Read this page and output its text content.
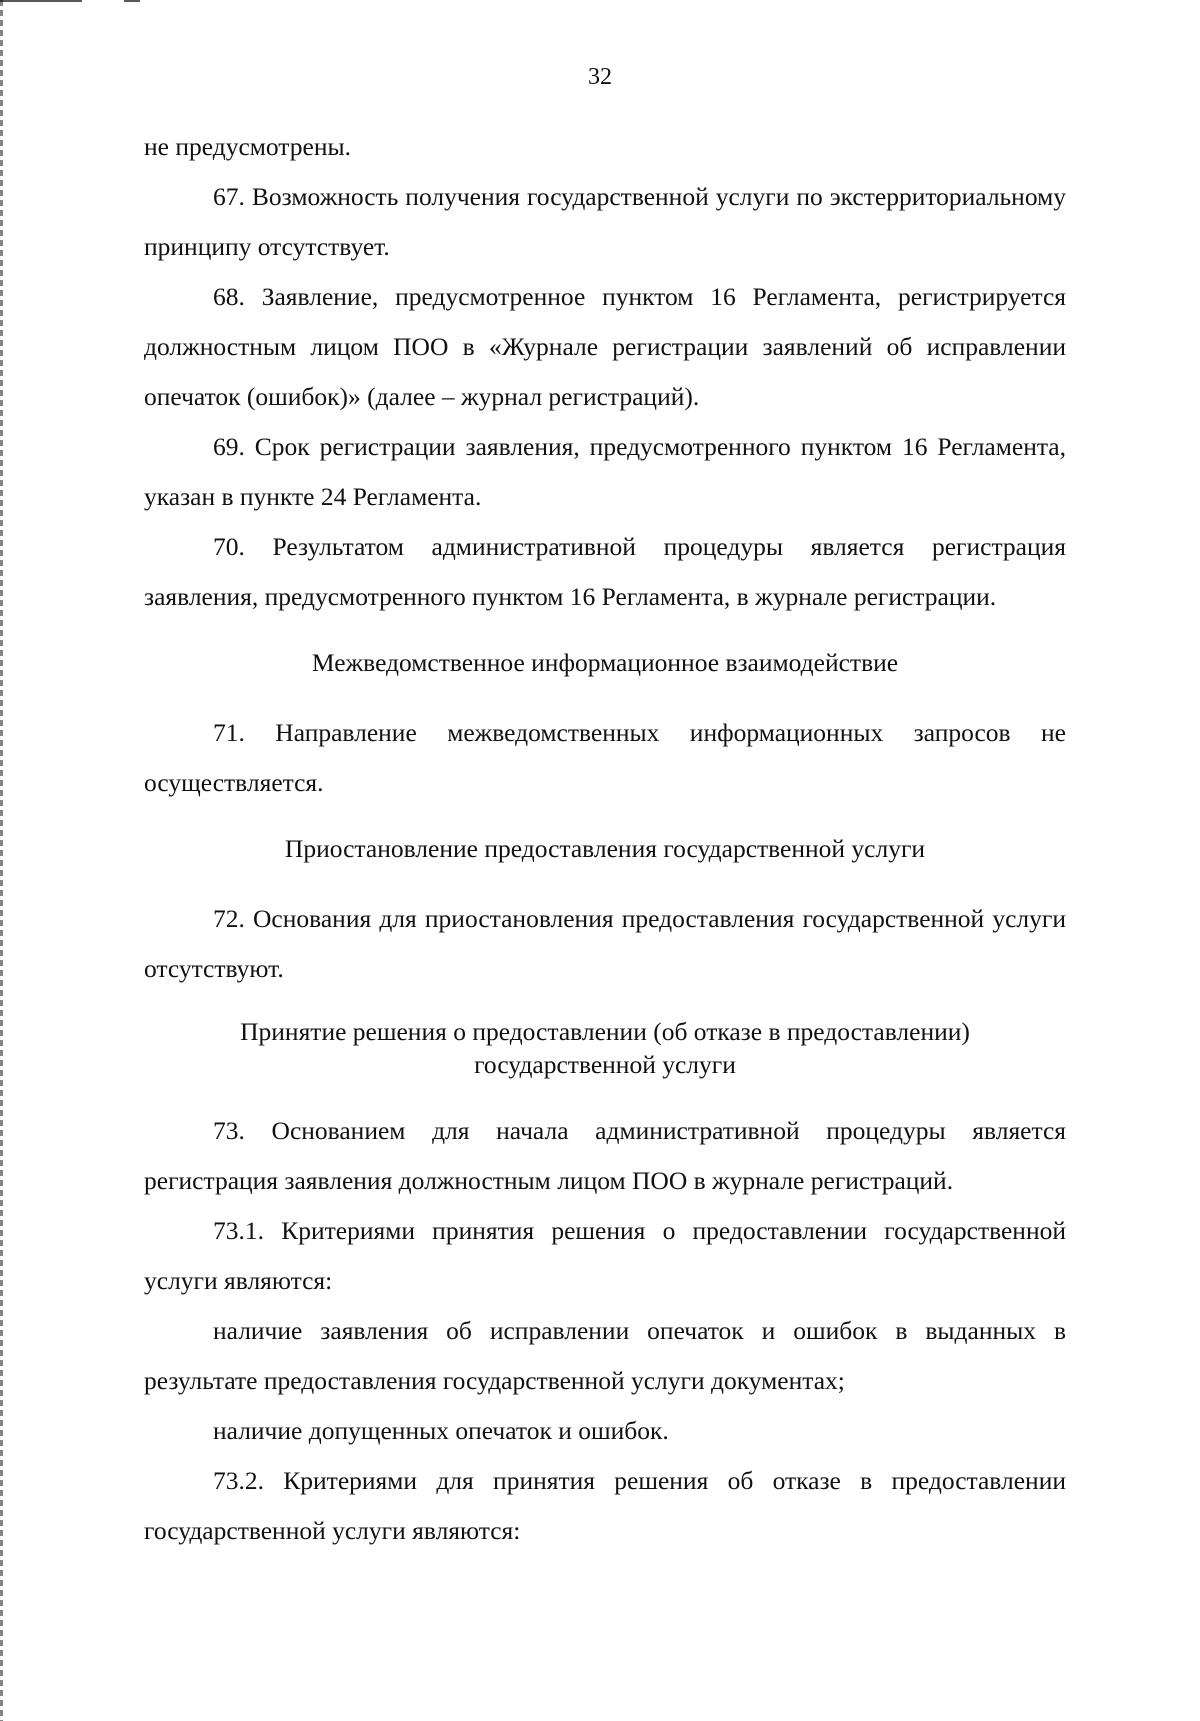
32

не предусмотрены.

67. Возможность получения государственной услуги по экстерриториальному принципу отсутствует.

68. Заявление, предусмотренное пунктом 16 Регламента, регистрируется должностным лицом ПОО в «Журнале регистрации заявлений об исправлении опечаток (ошибок)» (далее – журнал регистраций).

69. Срок регистрации заявления, предусмотренного пунктом 16 Регламента, указан в пункте 24 Регламента.

70. Результатом административной процедуры является регистрация заявления, предусмотренного пунктом 16 Регламента, в журнале регистрации.

Межведомственное информационное взаимодействие

71. Направление межведомственных информационных запросов не осуществляется.

Приостановление предоставления государственной услуги

72. Основания для приостановления предоставления государственной услуги отсутствуют.

Принятие решения о предоставлении (об отказе в предоставлении)
государственной услуги

73. Основанием для начала административной процедуры является регистрация заявления должностным лицом ПОО в журнале регистраций.

73.1. Критериями принятия решения о предоставлении государственной услуги являются:

наличие заявления об исправлении опечаток и ошибок в выданных в результате предоставления государственной услуги документах;

наличие допущенных опечаток и ошибок.

73.2. Критериями для принятия решения об отказе в предоставлении государственной услуги являются:
